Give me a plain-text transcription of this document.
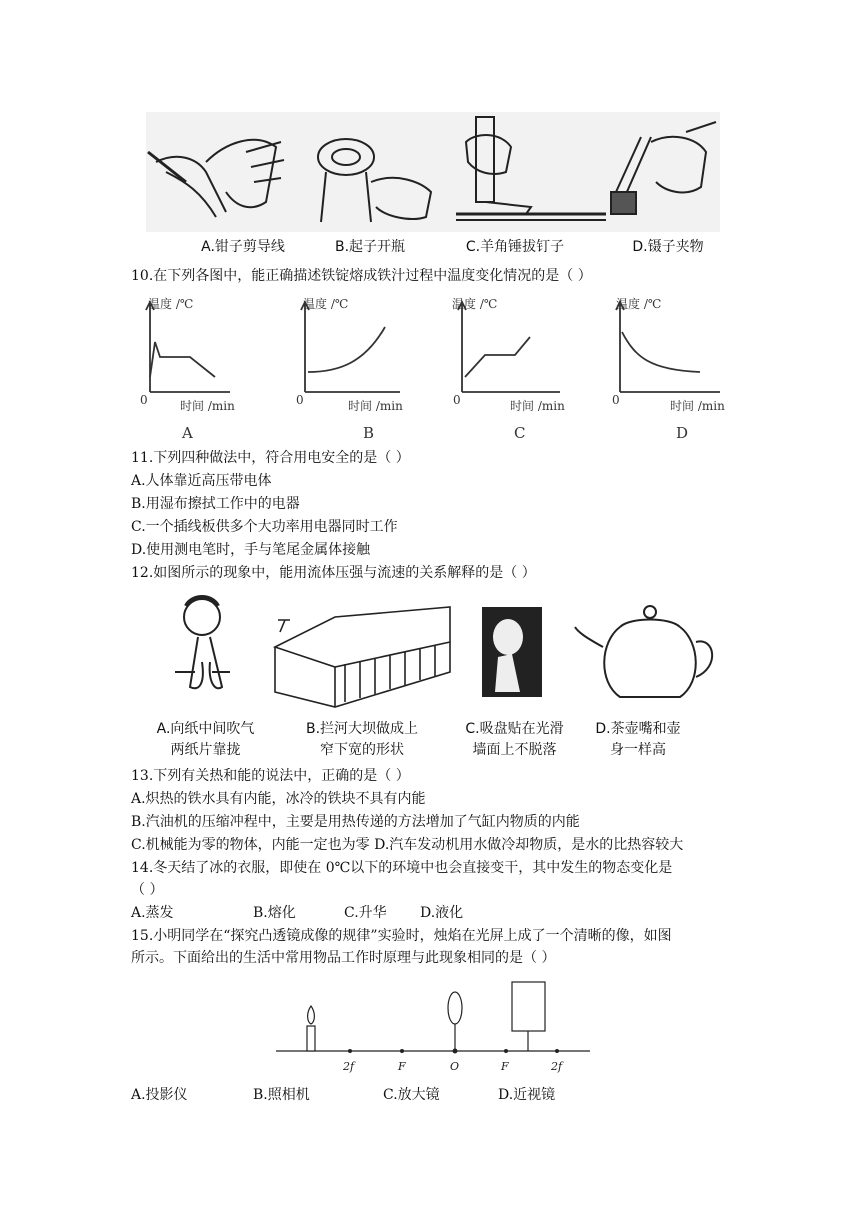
A.钳子剪导线	B.起子开瓶	C.羊角锤拔钉子	D.镊子夹物
10.在下列各图中，能正确描述铁锭熔成铁汁过程中温度变化情况的是（ ）
温度 /℃
0	时间 /min
A
温度 /℃
0	时间 /min
B
温度 /℃
0	时间 /min
C
温度 /℃
0	时间 /min
D
11.下列四种做法中，符合用电安全的是（ ）
A.人体靠近高压带电体
B.用湿布擦拭工作中的电器
C.一个插线板供多个大功率用电器同时工作
D.使用测电笔时，手与笔尾金属体接触
12.如图所示的现象中，能用流体压强与流速的关系解释的是（ ）
A.向纸中间吹气
两纸片靠拢
B.拦河大坝做成上
窄下宽的形状
C.吸盘贴在光滑
墙面上不脱落
D.茶壶嘴和壶
身一样高
13.下列有关热和能的说法中，正确的是（ ）
A.炽热的铁水具有内能，冰冷的铁块不具有内能
B.汽油机的压缩冲程中，主要是用热传递的方法增加了气缸内物质的内能
C.机械能为零的物体，内能一定也为零 D.汽车发动机用水做冷却物质，是水的比热容较大
14.冬天结了冰的衣服，即使在 0℃以下的环境中也会直接变干，其中发生的物态变化是
（ ）
A.蒸发	B.熔化	C.升华 D.液化
15.小明同学在“探究凸透镜成像的规律”实验时，烛焰在光屏上成了一个清晰的像，如图
所示。下面给出的生活中常用物品工作时原理与此现象相同的是（ ）
2f	F	O	F	2f
A.投影仪	B.照相机	C.放大镜	D.近视镜
